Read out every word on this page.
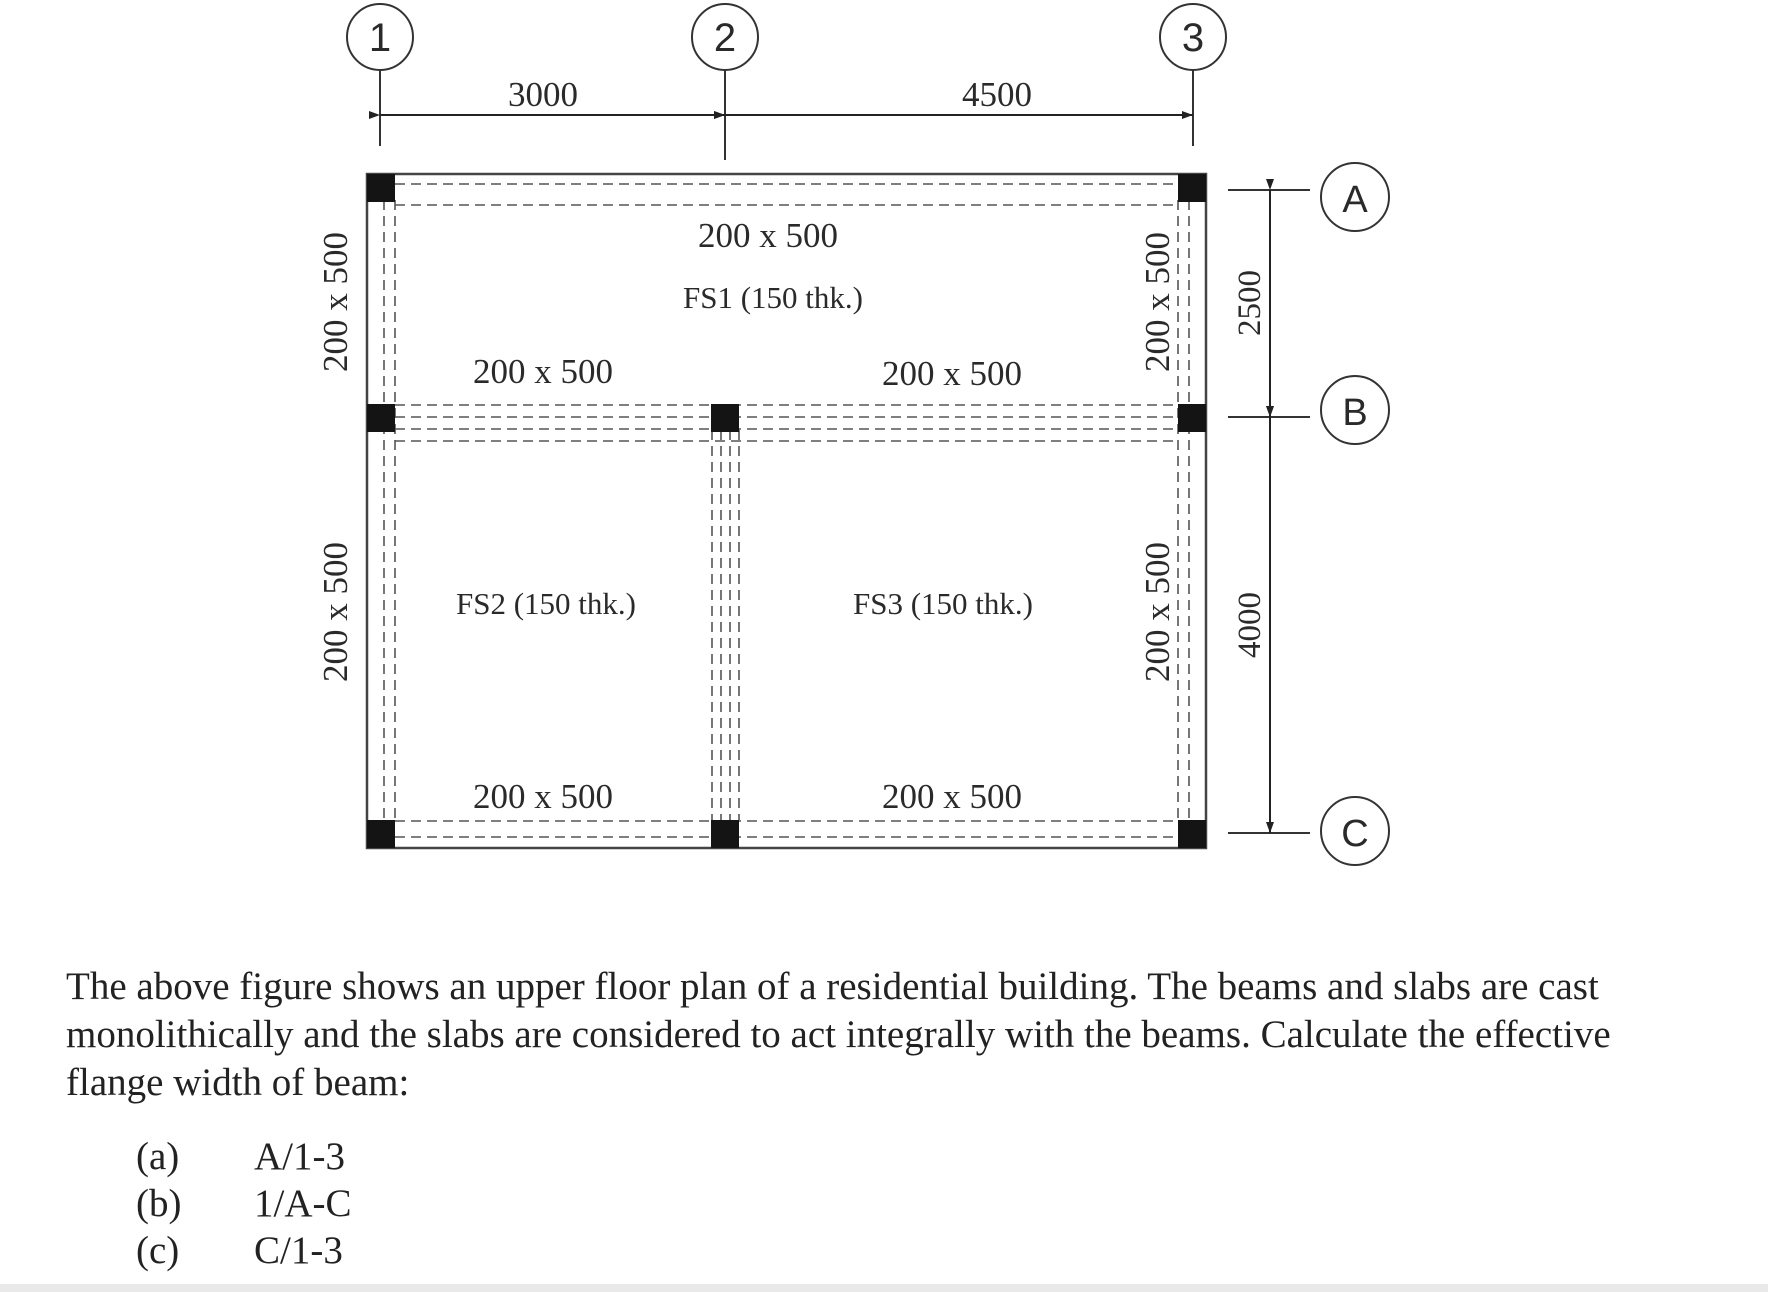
1	2	3
3000	4500
200 x 500
200 x 500	200 x 500
200 x 500	200 x 500
200 x 500
200 x 500
200 x 500
200 x 500
FS1 (150 thk.)
FS2 (150 thk.)	FS3 (150 thk.)
2500
4000
A
B
C
The above figure shows an upper floor plan of a residential building. The beams and slabs are cast monolithically and the slabs are considered to act integrally with the beams. Calculate the effective flange width of beam:
(a)	A/1-3
(b)	1/A-C
(c)	C/1-3
